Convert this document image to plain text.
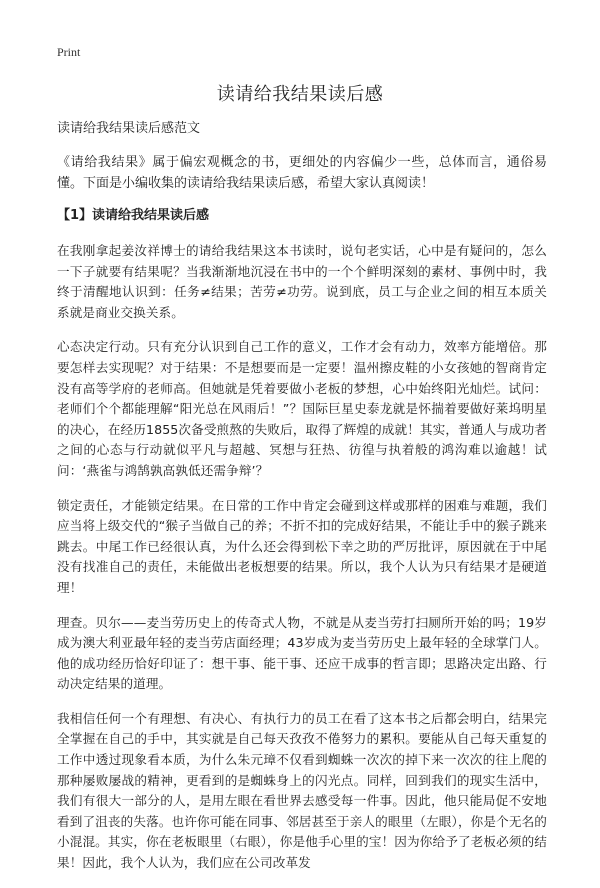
Print
读请给我结果读后感

读请给我结果读后感范文

《请给我结果》属于偏宏观概念的书，更细处的内容偏少一些，总体而言，通俗易懂。下面是小编收集的读请给我结果读后感，希望大家认真阅读！

【1】读请给我结果读后感

在我刚拿起姜汝祥博士的请给我结果这本书读时，说句老实话，心中是有疑问的，怎么一下子就要有结果呢？当我渐渐地沉浸在书中的一个个鲜明深刻的素材、事例中时，我终于清醒地认识到：任务≠结果；苦劳≠功劳。说到底，员工与企业之间的相互本质关系就是商业交换关系。

心态决定行动。只有充分认识到自己工作的意义，工作才会有动力，效率方能增倍。那要怎样去实现呢？对于结果：不是想要而是一定要！温州擦皮鞋的小女孩她的智商肯定没有高等学府的老师高。但她就是凭着要做小老板的梦想，心中始终阳光灿烂。试问：老师们个个都能理解“阳光总在风雨后！”？国际巨星史泰龙就是怀揣着要做好莱坞明星的决心，在经历1855次备受煎熬的失败后，取得了辉煌的成就！其实，普通人与成功者之间的心态与行动就似平凡与超越、冥想与狂热、彷徨与执着般的鸿沟难以逾越！试问：‘燕雀与鸿鹄孰高孰低还需争辩’？

锁定责任，才能锁定结果。在日常的工作中肯定会碰到这样或那样的困难与难题，我们应当将上级交代的“猴子当做自己的养；不折不扣的完成好结果，不能让手中的猴子跳来跳去。中尾工作已经很认真，为什么还会得到松下幸之助的严厉批评，原因就在于中尾没有找准自己的责任，未能做出老板想要的结果。所以，我个人认为只有结果才是硬道理！

理查。贝尔——麦当劳历史上的传奇式人物，不就是从麦当劳打扫厕所开始的吗；19岁成为澳大利亚最年轻的麦当劳店面经理；43岁成为麦当劳历史上最年轻的全球掌门人。他的成功经历恰好印证了：想干事、能干事、还应干成事的哲言即；思路决定出路、行动决定结果的道理。

我相信任何一个有理想、有决心、有执行力的员工在看了这本书之后都会明白，结果完全掌握在自己的手中，其实就是自己每天孜孜不倦努力的累积。要能从自己每天重复的工作中透过现象看本质，为什么朱元璋不仅看到蜘蛛一次次的掉下来一次次的往上爬的那种屡败屡战的精神，更看到的是蜘蛛身上的闪光点。同样，回到我们的现实生活中，我们有很大一部分的人，是用左眼在看世界去感受每一件事。因此，他只能局促不安地看到了沮丧的失落。也许你可能在同事、邻居甚至于亲人的眼里（左眼），你是个无名的小混混。其实，你在老板眼里（右眼），你是他手心里的宝！因为你给予了老板必须的结果！因此，我个人认为，我们应在公司改革发
